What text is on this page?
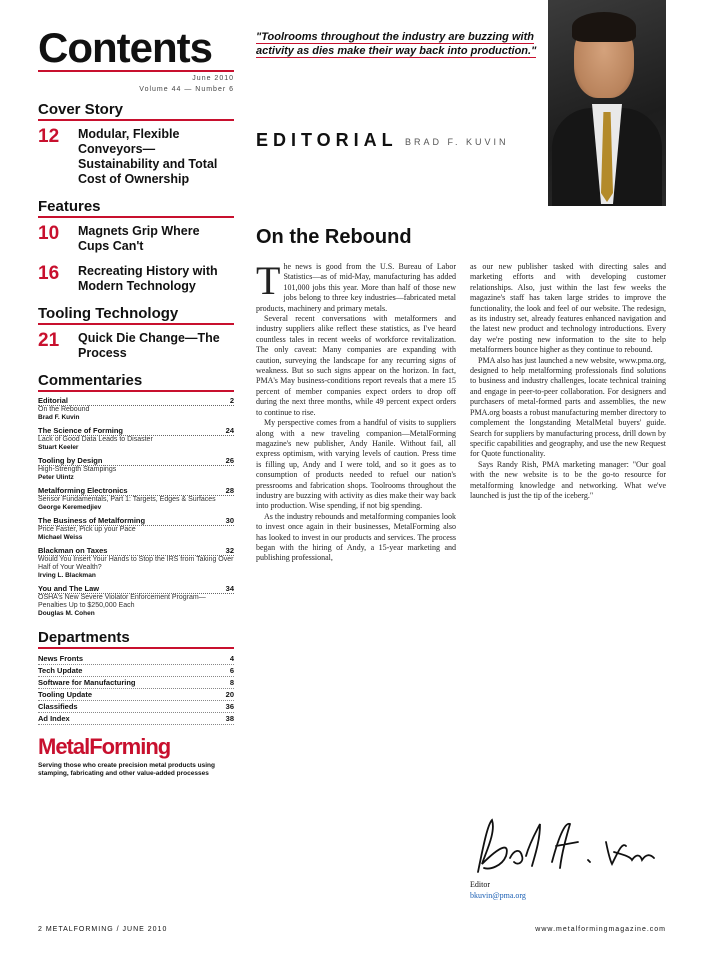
Contents
June 2010
Volume 44 — Number 6
Cover Story
12	Modular, Flexible Conveyors—Sustainability and Total Cost of Ownership
Features
10	Magnets Grip Where Cups Can't
16	Recreating History with Modern Technology
Tooling Technology
21	Quick Die Change—The Process
Commentaries
Editorial	2
On the Rebound
Brad F. Kuvin
The Science of Forming	24
Lack of Good Data Leads to Disaster
Stuart Keeler
Tooling by Design	26
High-Strength Stampings
Peter Ulintz
Metalforming Electronics	28
Sensor Fundamentals, Part 1: Targets, Edges & Surfaces
George Keremedjiev
The Business of Metalforming	30
Price Faster, Pick up your Pace
Michael Weiss
Blackman on Taxes	32
Would You Insert Your Hands to Stop the IRS from Taking Over Half of Your Wealth?
Irving L. Blackman
You and The Law	34
OSHA's New Severe Violator Enforcement Program—Penalties Up to $250,000 Each
Douglas M. Cohen
Departments
News Fronts	4
Tech Update	6
Software for Manufacturing	8
Tooling Update	20
Classifieds	36
Ad Index	38
MetalForming
Serving those who create precision metal products using stamping, fabricating and other value-added processes
"Toolrooms throughout the industry are buzzing with activity as dies make their way back into production."
EDITORIAL BRAD F. KUVIN
On the Rebound

The news is good from the U.S. Bureau of Labor Statistics—as of mid-May, manufacturing has added 101,000 jobs this year. More than half of those new jobs belong to three key industries—fabricated metal products, machinery and primary metals.

Several recent conversations with metalformers and industry suppliers alike reflect these statistics, as I've heard countless tales in recent weeks of workforce revitalization. The only caveat: Many companies are expanding with caution, surveying the landscape for any recurring signs of weakness. But so such signs appear on the horizon. In fact, PMA's May business-conditions report reveals that a mere 15 percent of member companies expect orders to drop off during the next three months, while 49 percent expect orders to continue to rise.

My perspective comes from a handful of visits to suppliers along with a new traveling companion—MetalForming magazine's new publisher, Andy Hanile. Without fail, all express optimism, with varying levels of caution. Press time is filling up, Andy and I were told, and so it goes as to consumption of products needed to refuel our nation's pressrooms and fabrication shops. Toolrooms throughout the industry are buzzing with activity as dies make their way back into production. Wise spending, if not big spending.

As the industry rebounds and metalforming companies look to invest once again in their businesses, MetalForming also has looked to invest in our products and services. The process began with the hiring of Andy, a 15-year marketing and publishing professional,

as our new publisher tasked with directing sales and marketing efforts and with developing customer relationships. Also, just within the last few weeks the magazine's staff has taken large strides to improve the functionality, the look and feel of our website. The redesign, as its industry set, already features enhanced navigation and the latest new product and technology introductions. Every day we're posting new information to the site to help metalformers bounce higher as they continue to rebound.

PMA also has just launched a new website, www.pma.org, designed to help metalforming professionals find solutions to business and industry challenges, locate technical training and engage in peer-to-peer collaboration. For designers and purchasers of metal-formed parts and assemblies, the new PMA.org boasts a robust manufacturing member directory to complement the longstanding MetalMetal buyers' guide. Search for suppliers by manufacturing process, drill down by specific capabilities and geography, and use the new Request for Quote functionality.

Says Randy Rish, PMA marketing manager: "Our goal with the new website is to be the go-to resource for metalforming knowledge and networking. What we've launched is just the tip of the iceberg."

Editor
bkuvin@pma.org
2 METALFORMING / JUNE 2010	www.metalformingmagazine.com
